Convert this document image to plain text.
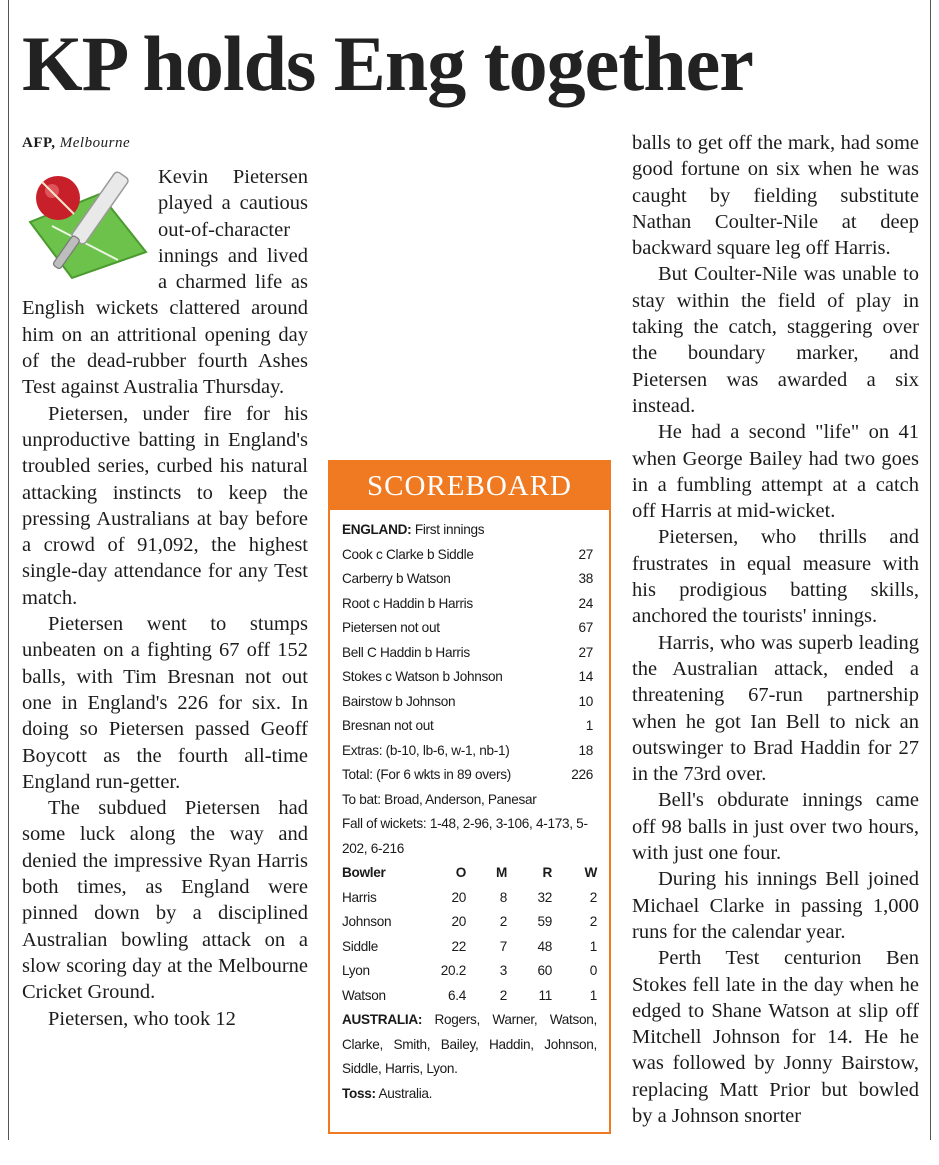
KP holds Eng together
AFP, Melbourne

Kevin Pietersen played a cautious out-of-character innings and lived a charmed life as English wickets clattered around him on an attritional opening day of the dead-rubber fourth Ashes Test against Australia Thursday.

Pietersen, under fire for his unproductive batting in England's troubled series, curbed his natural attacking instincts to keep the pressing Australians at bay before a crowd of 91,092, the highest single-day attendance for any Test match.

Pietersen went to stumps unbeaten on a fighting 67 off 152 balls, with Tim Bresnan not out one in England's 226 for six. In doing so Pietersen passed Geoff Boycott as the fourth all-time England run-getter.

The subdued Pietersen had some luck along the way and denied the impressive Ryan Harris both times, as England were pinned down by a disciplined Australian bowling attack on a slow scoring day at the Melbourne Cricket Ground.

Pietersen, who took 12

balls to get off the mark, had some good fortune on six when he was caught by fielding substitute Nathan Coulter-Nile at deep backward square leg off Harris.

But Coulter-Nile was unable to stay within the field of play in taking the catch, staggering over the boundary marker, and Pietersen was awarded a six instead.

He had a second "life" on 41 when George Bailey had two goes in a fumbling attempt at a catch off Harris at mid-wicket.

Pietersen, who thrills and frustrates in equal measure with his prodigious batting skills, anchored the tourists' innings.

Harris, who was superb leading the Australian attack, ended a threatening 67-run partnership when he got Ian Bell to nick an outswinger to Brad Haddin for 27 in the 73rd over.

Bell's obdurate innings came off 98 balls in just over two hours, with just one four.

During his innings Bell joined Michael Clarke in passing 1,000 runs for the calendar year.

Perth Test centurion Ben Stokes fell late in the day when he edged to Shane Watson at slip off Mitchell Johnson for 14. He he was followed by Jonny Bairstow, replacing Matt Prior but bowled by a Johnson snorter

SCOREBOARD
ENGLAND: First innings
Cook c Clarke b Siddle	27
Carberry b Watson	38
Root c Haddin b Harris	24
Pietersen not out	67
Bell C Haddin b Harris	27
Stokes c Watson b Johnson	14
Bairstow b Johnson	10
Bresnan not out	1
Extras: (b-10, lb-6, w-1, nb-1)	18
Total: (For 6 wkts in 89 overs)	226
To bat: Broad, Anderson, Panesar
Fall of wickets: 1-48, 2-96, 3-106, 4-173, 5-202, 6-216
Bowler	O	M	R	W
Harris	20	8	32	2
Johnson	20	2	59	2
Siddle	22	7	48	1
Lyon	20.2	3	60	0
Watson	6.4	2	11	1
AUSTRALIA: Rogers, Warner, Watson, Clarke, Smith, Bailey, Haddin, Johnson, Siddle, Harris, Lyon.
Toss: Australia.
